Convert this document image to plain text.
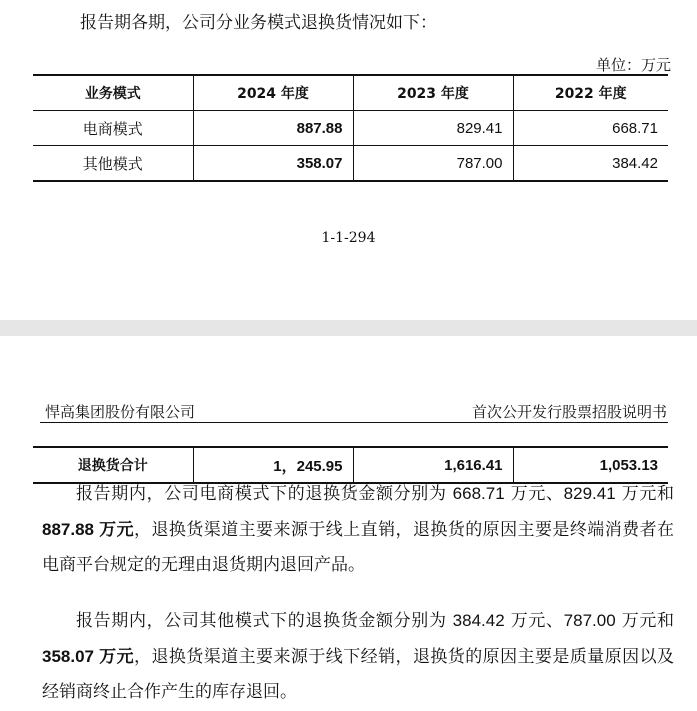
报告期各期，公司分业务模式退换货情况如下：
单位：万元
业务模式	2024 年度	2023 年度	2022 年度
电商模式	887.88	829.41	668.71
其他模式	358.07	787.00	384.42
1-1-294
悍高集团股份有限公司	首次公开发行股票招股说明书
退换货合计	1，245.95	1,616.41	1,053.13

报告期内，公司电商模式下的退换货金额分别为 668.71 万元、829.41 万元和 887.88 万元，退换货渠道主要来源于线上直销，退换货的原因主要是终端消费者在电商平台规定的无理由退货期内退回产品。

报告期内，公司其他模式下的退换货金额分别为 384.42 万元、787.00 万元和 358.07 万元，退换货渠道主要来源于线下经销，退换货的原因主要是质量原因以及经销商终止合作产生的库存退回。
